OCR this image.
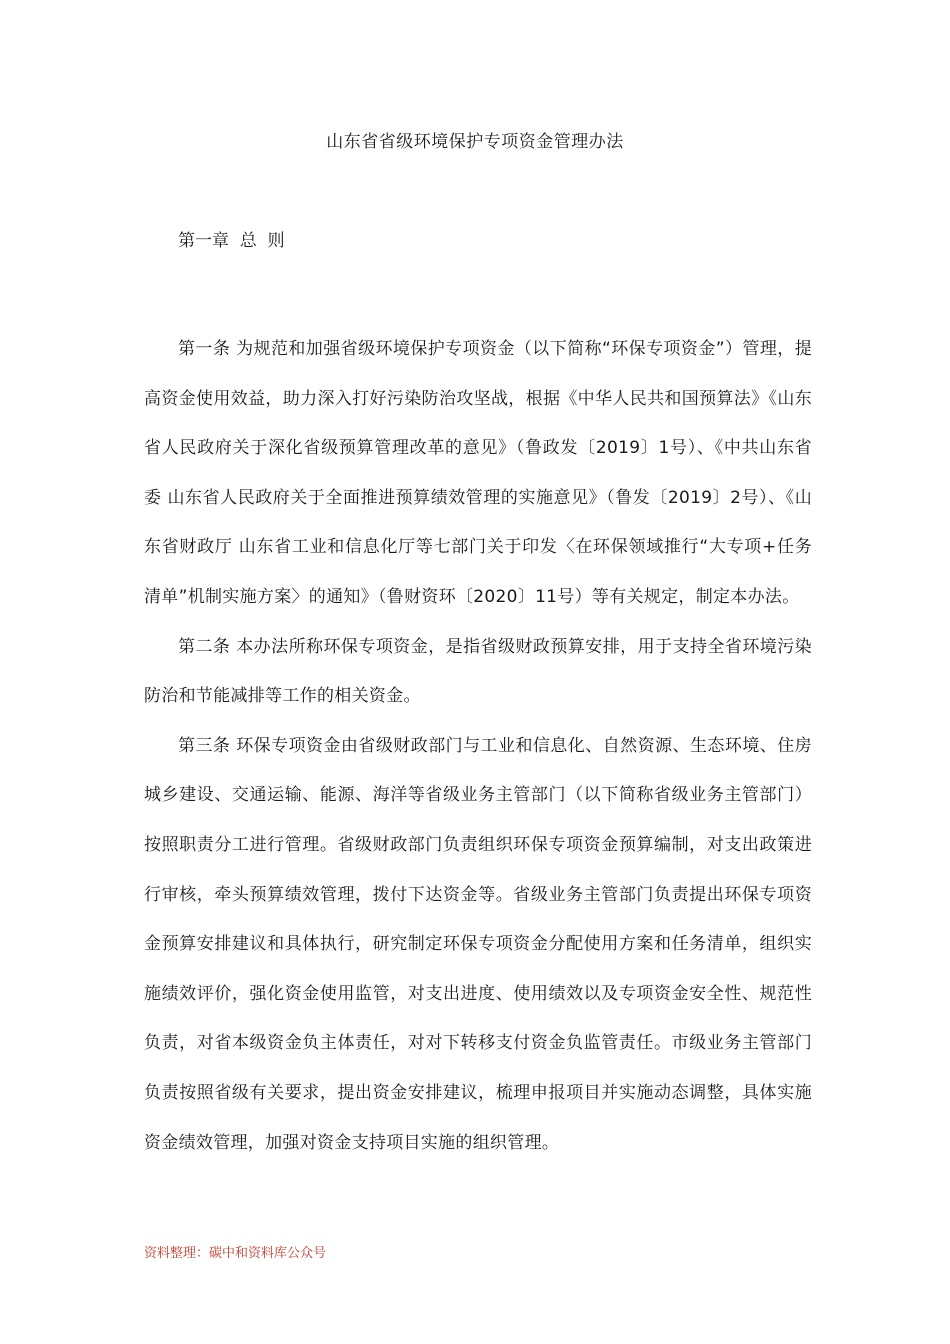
山东省省级环境保护专项资金管理办法
第一章  总  则

第一条 为规范和加强省级环境保护专项资金（以下简称“环保专项资金”）管理，提高资金使用效益，助力深入打好污染防治攻坚战，根据《中华人民共和国预算法》《山东省人民政府关于深化省级预算管理改革的意见》（鲁政发〔2019〕1号）、《中共山东省委 山东省人民政府关于全面推进预算绩效管理的实施意见》（鲁发〔2019〕2号）、《山东省财政厅 山东省工业和信息化厅等七部门关于印发〈在环保领域推行“大专项+任务清单”机制实施方案〉的通知》（鲁财资环〔2020〕11号）等有关规定，制定本办法。

第二条 本办法所称环保专项资金，是指省级财政预算安排，用于支持全省环境污染防治和节能减排等工作的相关资金。

第三条 环保专项资金由省级财政部门与工业和信息化、自然资源、生态环境、住房城乡建设、交通运输、能源、海洋等省级业务主管部门（以下简称省级业务主管部门）按照职责分工进行管理。省级财政部门负责组织环保专项资金预算编制，对支出政策进行审核，牵头预算绩效管理，拨付下达资金等。省级业务主管部门负责提出环保专项资金预算安排建议和具体执行，研究制定环保专项资金分配使用方案和任务清单，组织实施绩效评价，强化资金使用监管，对支出进度、使用绩效以及专项资金安全性、规范性负责，对省本级资金负主体责任，对对下转移支付资金负监管责任。市级业务主管部门负责按照省级有关要求，提出资金安排建议，梳理申报项目并实施动态调整，具体实施资金绩效管理，加强对资金支持项目实施的组织管理。

资料整理：碳中和资料库公众号
